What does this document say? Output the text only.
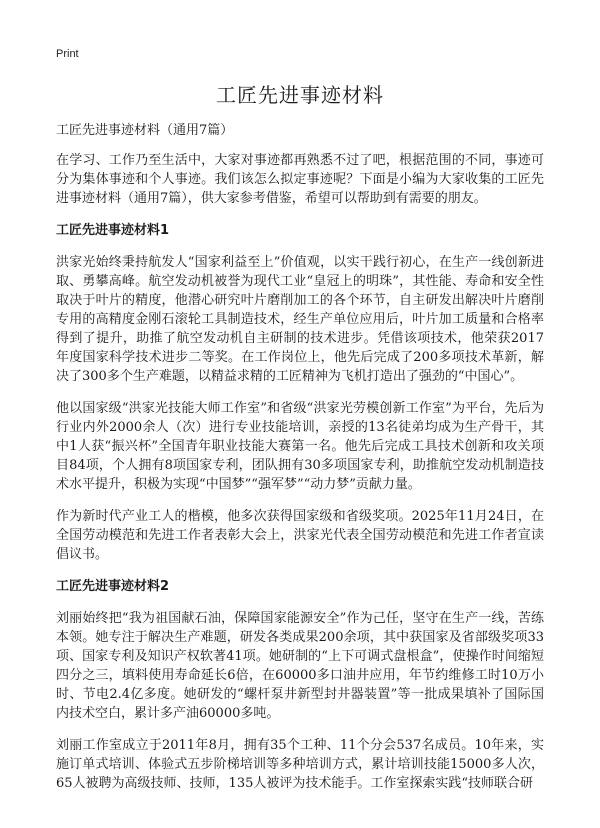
Print
工匠先进事迹材料

工匠先进事迹材料（通用7篇）

在学习、工作乃至生活中，大家对事迹都再熟悉不过了吧，根据范围的不同，事迹可分为集体事迹和个人事迹。我们该怎么拟定事迹呢？下面是小编为大家收集的工匠先进事迹材料（通用7篇），供大家参考借鉴，希望可以帮助到有需要的朋友。

工匠先进事迹材料1

洪家光始终秉持航发人“国家利益至上”价值观，以实干践行初心，在生产一线创新进取、勇攀高峰。航空发动机被誉为现代工业“皇冠上的明珠”，其性能、寿命和安全性取决于叶片的精度，他潜心研究叶片磨削加工的各个环节，自主研发出解决叶片磨削专用的高精度金刚石滚轮工具制造技术，经生产单位应用后，叶片加工质量和合格率得到了提升，助推了航空发动机自主研制的技术进步。凭借该项技术，他荣获2017年度国家科学技术进步二等奖。在工作岗位上，他先后完成了200多项技术革新，解决了300多个生产难题，以精益求精的工匠精神为飞机打造出了强劲的“中国心”。

他以国家级“洪家光技能大师工作室”和省级“洪家光劳模创新工作室”为平台，先后为行业内外2000余人（次）进行专业技能培训，亲授的13名徒弟均成为生产骨干，其中1人获“振兴杯”全国青年职业技能大赛第一名。他先后完成工具技术创新和攻关项目84项，个人拥有8项国家专利，团队拥有30多项国家专利，助推航空发动机制造技术水平提升，积极为实现“中国梦”“强军梦”“动力梦”贡献力量。

作为新时代产业工人的楷模，他多次获得国家级和省级奖项。2025年11月24日，在全国劳动模范和先进工作者表彰大会上，洪家光代表全国劳动模范和先进工作者宣读倡议书。

工匠先进事迹材料2

刘丽始终把“我为祖国献石油，保障国家能源安全”作为己任，坚守在生产一线，苦练本领。她专注于解决生产难题，研发各类成果200余项，其中获国家及省部级奖项33项、国家专利及知识产权软著41项。她研制的“上下可调式盘根盒”，使操作时间缩短四分之三，填料使用寿命延长6倍，在60000多口油井应用，年节约维修工时10万小时、节电2.4亿多度。她研发的“螺杆泵井新型封井器装置”等一批成果填补了国际国内技术空白，累计多产油60000多吨。

刘丽工作室成立于2011年8月，拥有35个工种、11个分会537名成员。10年来，实施订单式培训、体验式五步阶梯培训等多种培训方式，累计培训技能15000多人次，65人被聘为高级技师、技师，135人被评为技术能手。工作室探索实践“技师联合研
